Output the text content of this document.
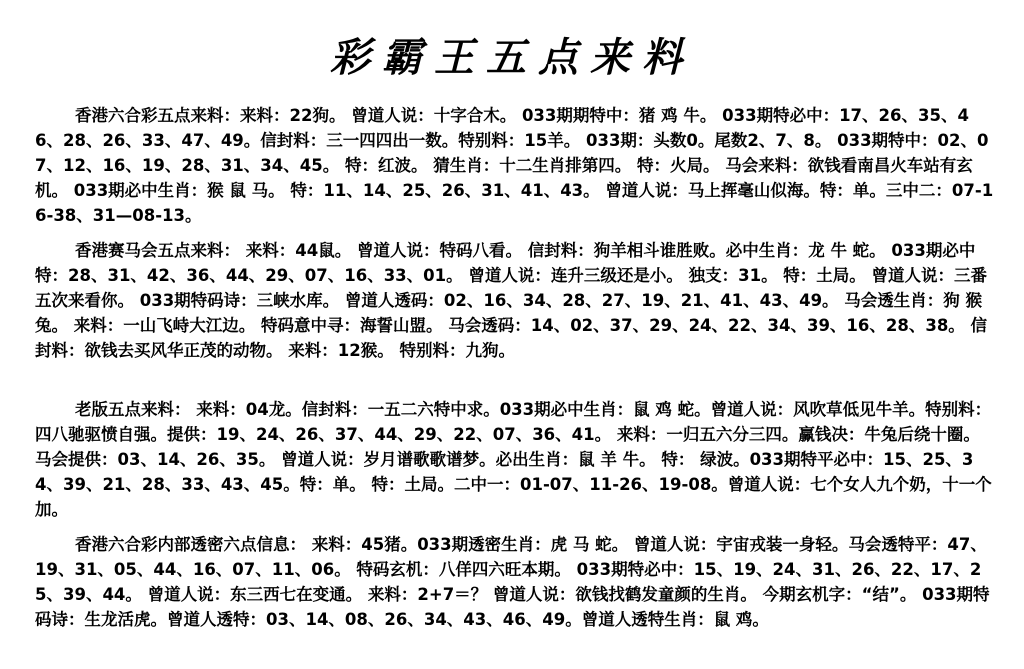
彩霸王五点来料
香港六合彩五点来料：来料：22狗。 曾道人说：十字合木。 033期期特中：猪 鸡 牛。 033期特必中：17、26、35、46、28、26、33、47、49。信封料：三一四四出一数。特别料：15羊。 033期：头数0。尾数2、7、8。 033期特中：02、07、12、16、19、28、31、34、45。 特：红波。 猜生肖：十二生肖排第四。 特：火局。 马会来料：欲钱看南昌火车站有玄机。 033期必中生肖：猴 鼠 马。 特：11、14、25、26、31、41、43。 曾道人说：马上挥毫山似海。特：单。三中二：07-16-38、31—08-13。
香港赛马会五点来料： 来料：44鼠。 曾道人说：特码八看。 信封料：狗羊相斗谁胜败。必中生肖：龙 牛 蛇。 033期必中特：28、31、42、36、44、29、07、16、33、01。 曾道人说：连升三级还是小。 独支：31。 特：土局。 曾道人说：三番五次来看你。 033期特码诗：三峡水库。 曾道人透码：02、16、34、28、27、19、21、41、43、49。 马会透生肖：狗 猴 兔。 来料：一山飞峙大江边。 特码意中寻：海誓山盟。 马会透码：14、02、37、29、24、22、34、39、16、28、38。 信封料：欲钱去买风华正茂的动物。 来料：12猴。 特别料：九狗。
老版五点来料： 来料：04龙。信封料：一五二六特中求。033期必中生肖：鼠 鸡 蛇。曾道人说：风吹草低见牛羊。特别料：四八驰驱愤自强。提供：19、24、26、37、44、29、22、07、36、41。 来料：一归五六分三四。赢钱决：牛兔后绕十圈。马会提供：03、14、26、35。 曾道人说：岁月谱歌歌谱梦。必出生肖：鼠 羊 牛。 特： 绿波。033期特平必中：15、25、34、39、21、28、33、43、45。特：单。 特：土局。二中一：01-07、11-26、19-08。曾道人说：七个女人九个奶，十一个加。
香港六合彩内部透密六点信息： 来料：45猪。033期透密生肖：虎 马 蛇。 曾道人说：宇宙戎装一身轻。马会透特平：47、19、31、05、44、16、07、11、06。 特码玄机：八佯四六旺本期。 033期特必中：15、19、24、31、26、22、17、25、39、44。 曾道人说：东三西七在变通。 来料：2+7＝？ 曾道人说：欲钱找鹤发童颜的生肖。 今期玄机字：“结”。 033期特码诗：生龙活虎。曾道人透特：03、14、08、26、34、43、46、49。曾道人透特生肖：鼠 鸡。
